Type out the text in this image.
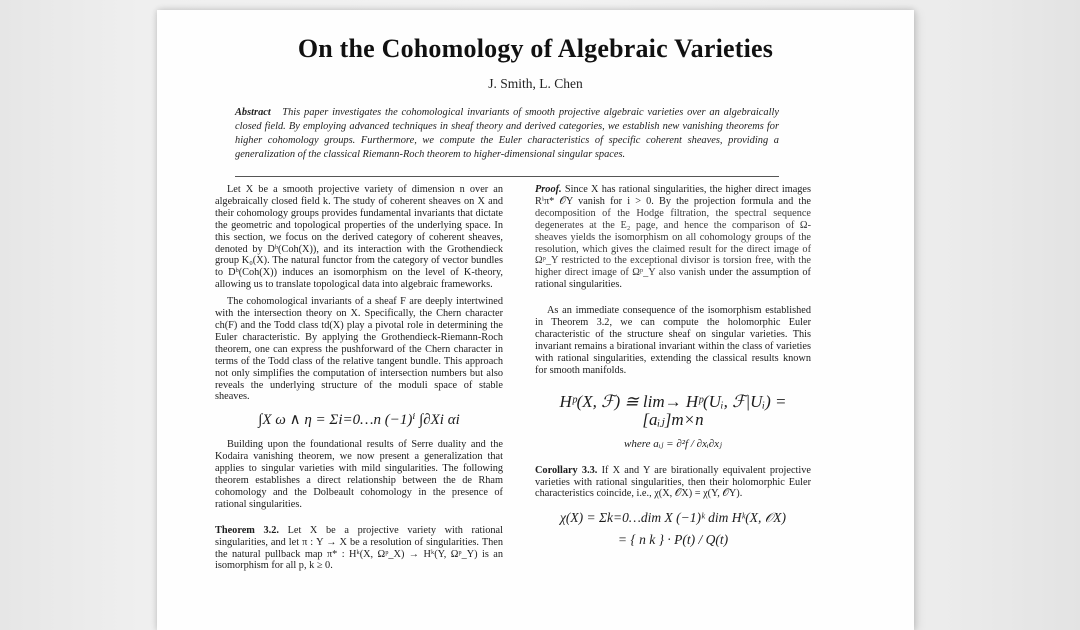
On the Cohomology of Algebraic Varieties
J. Smith, L. Chen
Abstract This paper investigates the cohomological invariants of smooth projective algebraic varieties over an algebraically closed field. By employing advanced techniques in sheaf theory and derived categories, we establish new vanishing theorems for higher cohomology groups. Furthermore, we compute the Euler characteristics of specific coherent sheaves, providing a generalization of the classical Riemann-Roch theorem to higher-dimensional singular spaces.

Let X be a smooth projective variety of dimension n over an algebraically closed field k. The study of coherent sheaves on X and their cohomology groups provides fundamental invariants that dictate the geometric and topological properties of the underlying space. In this section, we focus on the derived category of coherent sheaves, denoted by Dᵇ(Coh(X)), and its interaction with the Grothendieck group K₀(X). The natural functor from the category of vector bundles to Dᵇ(Coh(X)) induces an isomorphism on the level of K-theory, allowing us to translate topological data into algebraic frameworks.

The cohomological invariants of a sheaf F are deeply intertwined with the intersection theory on X. Specifically, the Chern character ch(F) and the Todd class td(X) play a pivotal role in determining the Euler characteristic. By applying the Grothendieck-Riemann-Roch theorem, one can express the pushforward of the Chern character in terms of the Todd class of the relative tangent bundle. This approach not only simplifies the computation of intersection numbers but also reveals the underlying structure of the moduli space of stable sheaves.

∫X ω ∧ η = Σi=0…n (−1)ⁱ ∫∂Xi αi

Building upon the foundational results of Serre duality and the Kodaira vanishing theorem, we now present a generalization that applies to singular varieties with mild singularities. The following theorem establishes a direct relationship between the de Rham cohomology and the Dolbeault cohomology in the presence of rational singularities.

Theorem 3.2. Let X be a projective variety with rational singularities, and let π : Y → X be a resolution of singularities. Then the natural pullback map π* : Hᵏ(X, Ωᵖ_X) → Hᵏ(Y, Ωᵖ_Y) is an isomorphism for all p, k ≥ 0.

Proof. Since X has rational singularities, the higher direct images Rⁱπ* 𝒪Y vanish for i > 0. By the projection formula and the decomposition of the Hodge filtration, the spectral sequence degenerates at the E₂ page, and hence the comparison of Ω-sheaves yields the isomorphism on all cohomology groups of the resolution, which gives the claimed result for the direct image of Ωᵖ_Y restricted to the exceptional divisor is torsion free, with the higher direct image of Ωᵖ_Y also vanish under the assumption of rational singularities.

As an immediate consequence of the isomorphism established in Theorem 3.2, we can compute the holomorphic Euler characteristic of the structure sheaf on singular varieties. This invariant remains a birational invariant within the class of varieties with rational singularities, extending the classical results known for smooth manifolds.

Hᵖ(X, ℱ) ≅ lim→ Hᵖ(Uᵢ, ℱ|Uᵢ) = [aᵢⱼ]m×n
where aᵢⱼ = ∂²f / ∂xᵢ∂xⱼ

Corollary 3.3. If X and Y are birationally equivalent projective varieties with rational singularities, then their holomorphic Euler characteristics coincide, i.e., χ(X, 𝒪X) = χ(Y, 𝒪Y).

χ(X) = Σk=0…dim X (−1)ᵏ dim Hᵏ(X, 𝒪X)
= { n k } · P(t) / Q(t)
